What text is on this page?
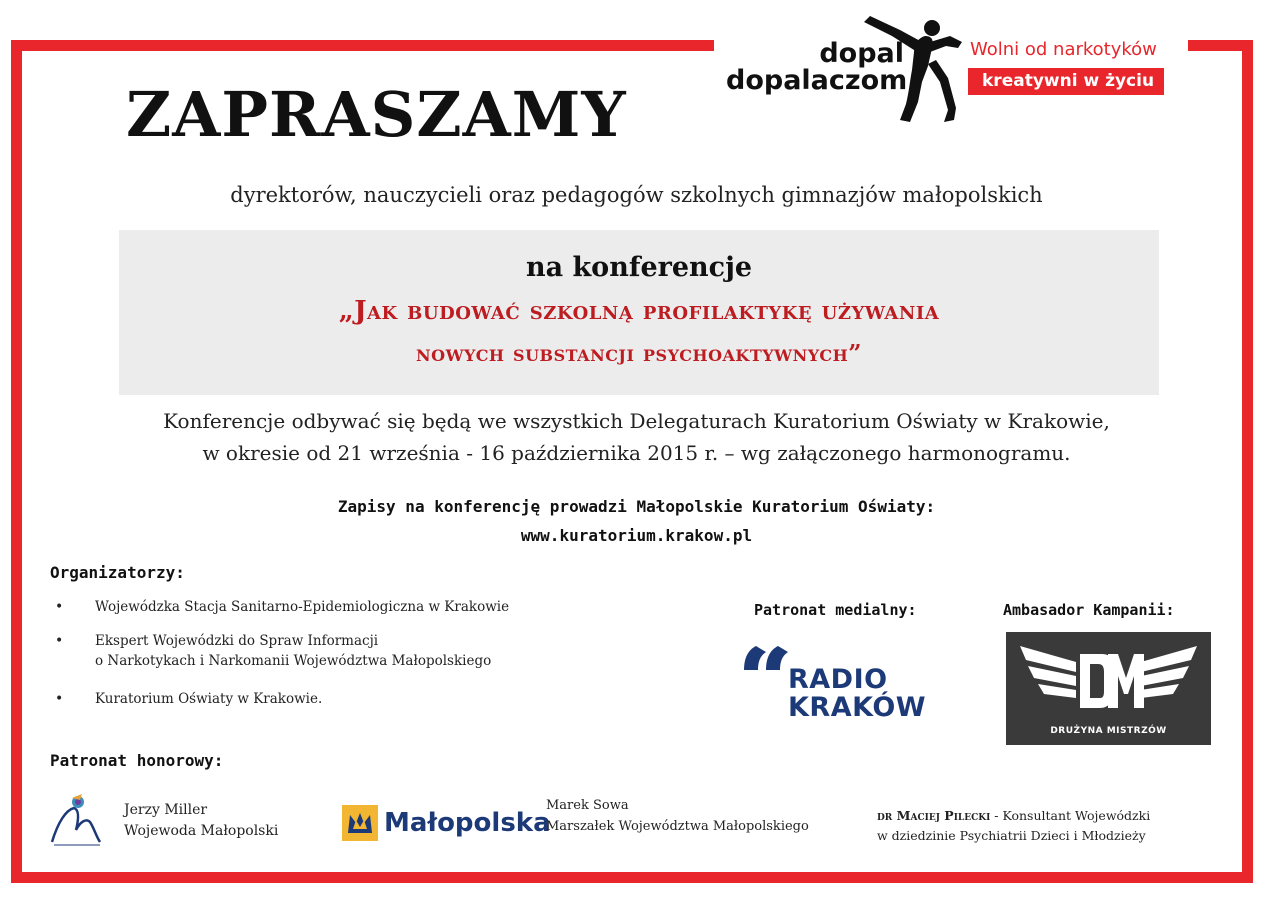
ZAPRASZAMY
dopal
dopalaczom
Wolni od narkotyków
kreatywni w życiu
dyrektorów, nauczycieli oraz pedagogów szkolnych gimnazjów małopolskich
na konferencje
„Jak budować szkolną profilaktykę używania
nowych substancji psychoaktywnych”
Konferencje odbywać się będą we wszystkich Delegaturach Kuratorium Oświaty w Krakowie,
w okresie od 21 września - 16 października 2015 r. – wg załączonego harmonogramu.
Zapisy na konferencję prowadzi Małopolskie Kuratorium Oświaty:
www.kuratorium.krakow.pl
Organizatorzy:
• Wojewódzka Stacja Sanitarno-Epidemiologiczna w Krakowie
• Ekspert Wojewódzki do Spraw Informacji
o Narkotykach i Narkomanii Województwa Małopolskiego
• Kuratorium Oświaty w Krakowie.
Patronat medialny:	Ambasador Kampanii:
RADIO
KRAKÓW
DRUŻYNA MISTRZÓW
Patronat honorowy:
Jerzy Miller
Wojewoda Małopolski	Małopolska
Marek Sowa
Marszałek Województwa Małopolskiego
dr Maciej Pilecki - Konsultant Wojewódzki
w dziedzinie Psychiatrii Dzieci i Młodzieży
